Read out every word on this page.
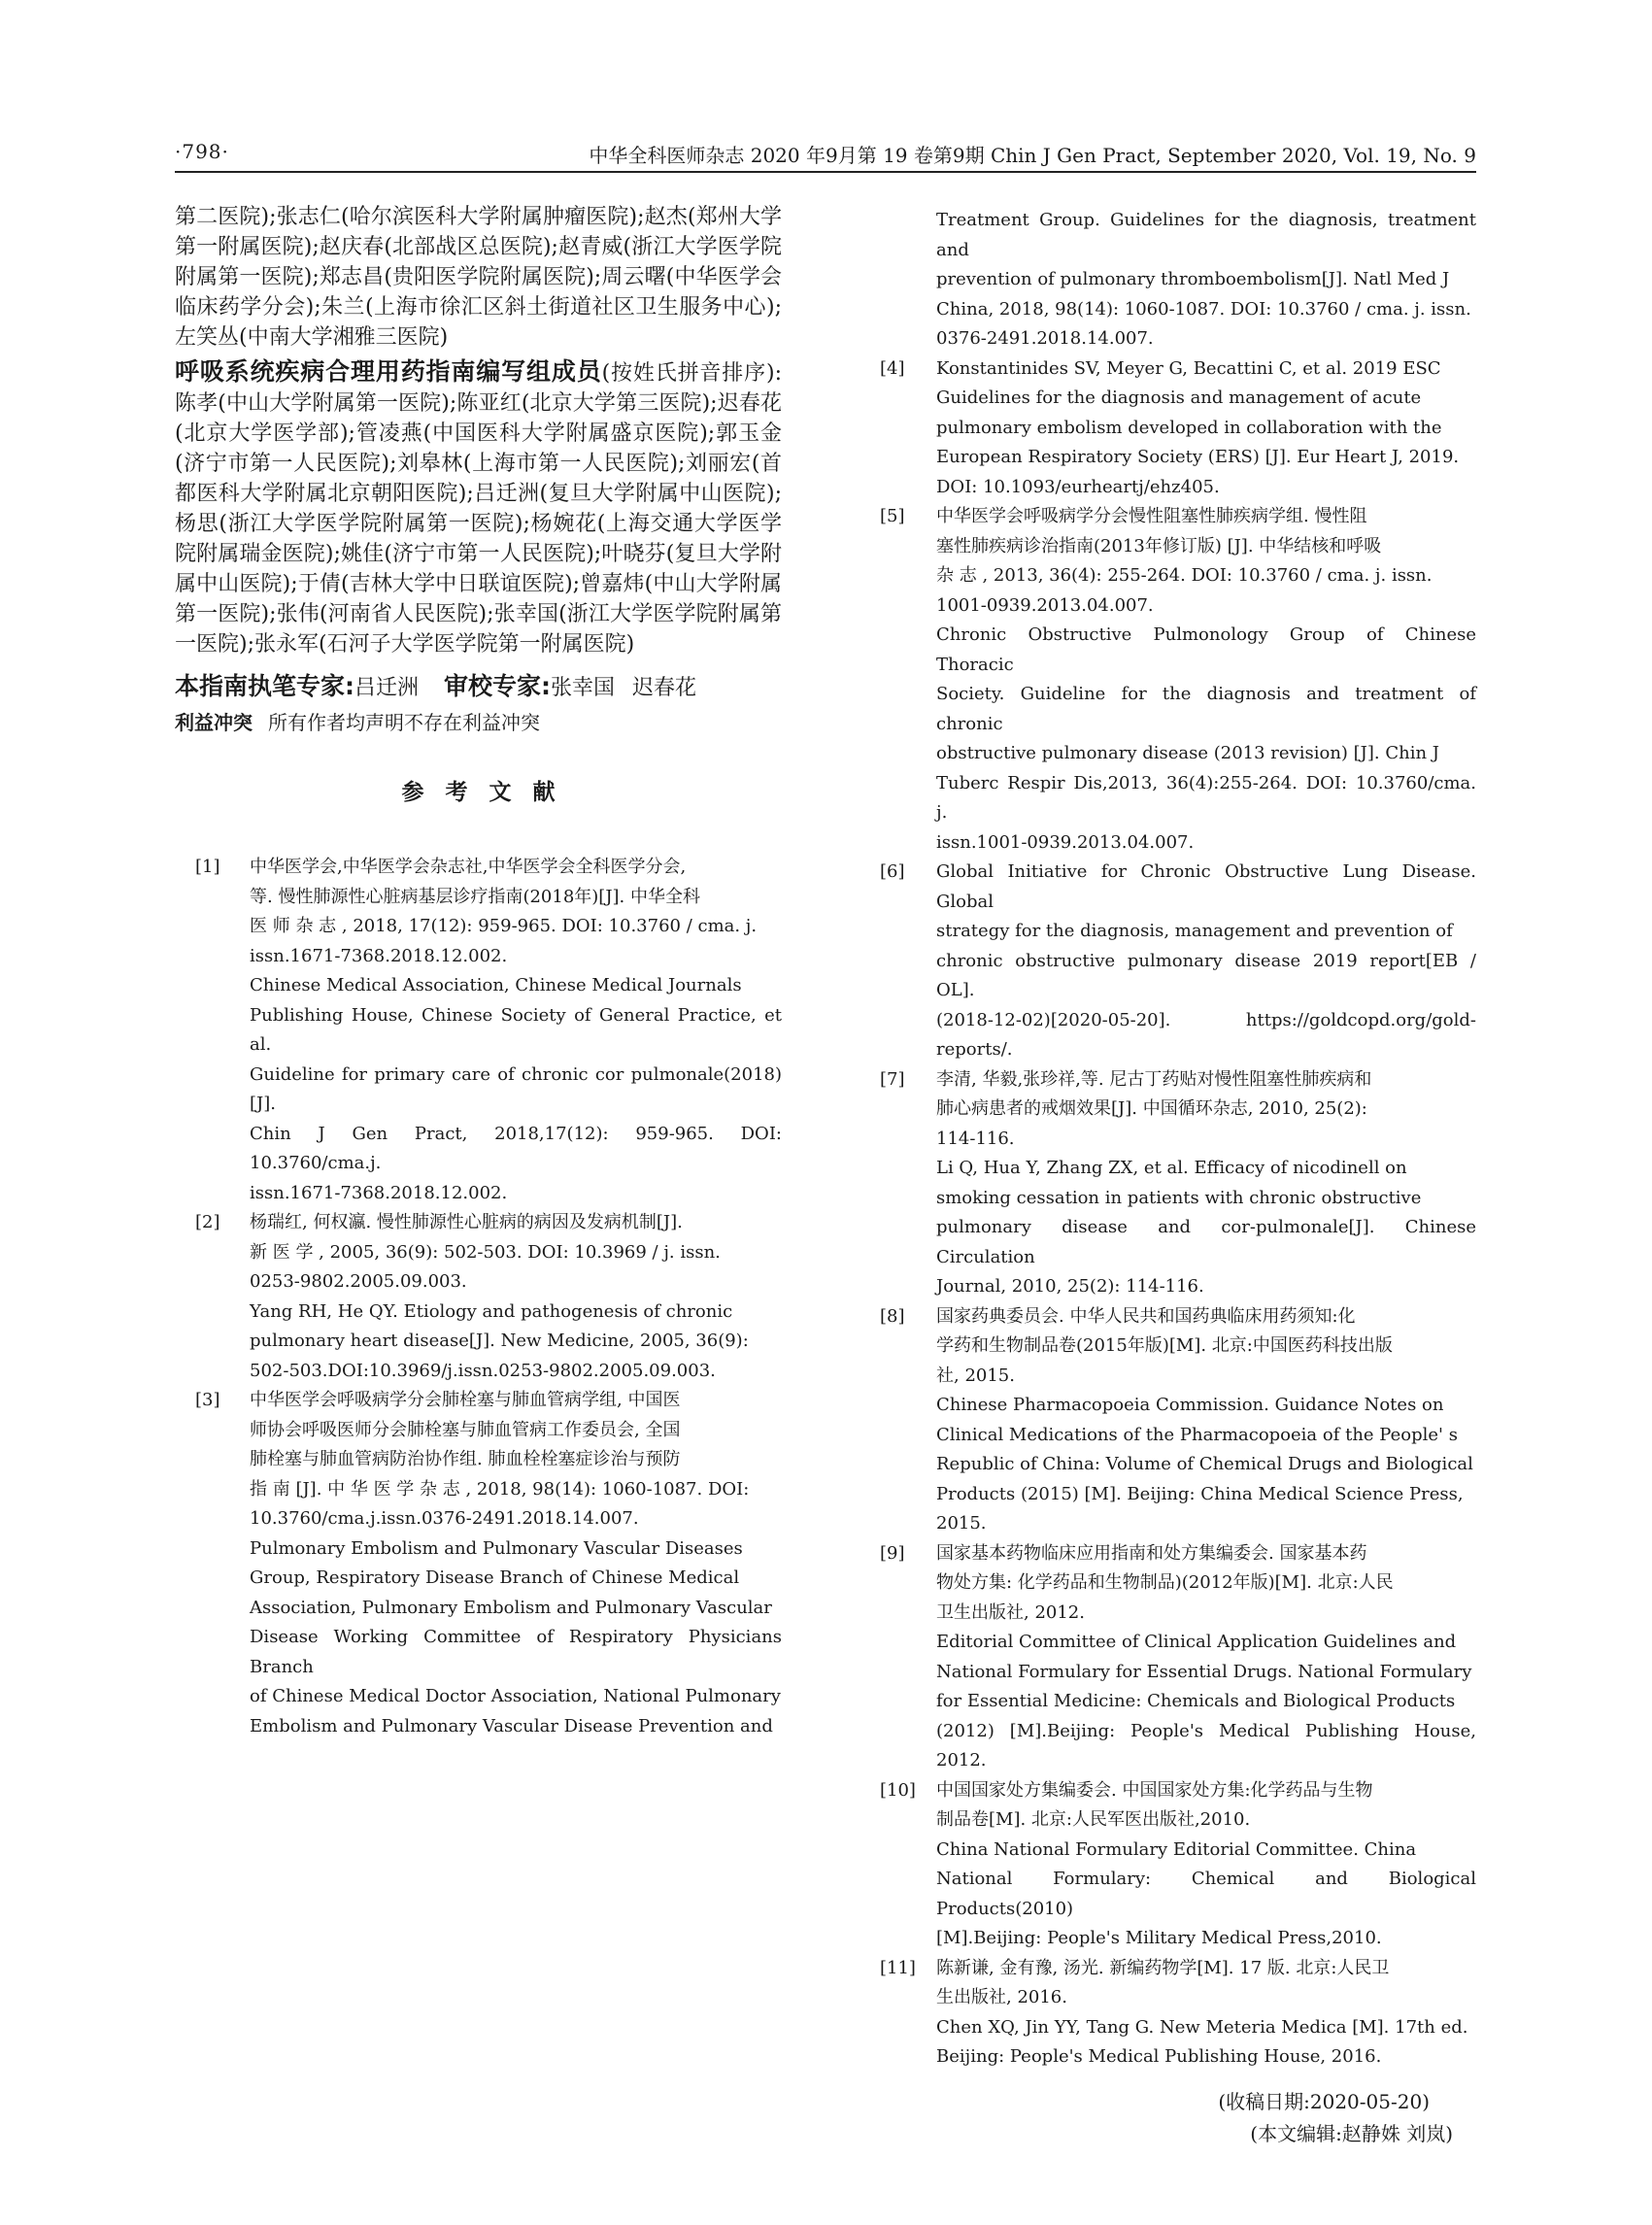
·798·	中华全科医师杂志 2020 年9月第 19 卷第9期 Chin J Gen Pract, September 2020, Vol. 19, No. 9

第二医院);张志仁(哈尔滨医科大学附属肿瘤医院);赵杰(郑州大学第一附属医院);赵庆春(北部战区总医院);赵青威(浙江大学医学院附属第一医院);郑志昌(贵阳医学院附属医院);周云曙(中华医学会临床药学分会);朱兰(上海市徐汇区斜土街道社区卫生服务中心);左笑丛(中南大学湘雅三医院)

呼吸系统疾病合理用药指南编写组成员(按姓氏拼音排序):陈孝(中山大学附属第一医院);陈亚红(北京大学第三医院);迟春花(北京大学医学部);管凌燕(中国医科大学附属盛京医院);郭玉金(济宁市第一人民医院);刘皋林(上海市第一人民医院);刘丽宏(首都医科大学附属北京朝阳医院);吕迁洲(复旦大学附属中山医院);杨思(浙江大学医学院附属第一医院);杨婉花(上海交通大学医学院附属瑞金医院);姚佳(济宁市第一人民医院);叶晓芬(复旦大学附属中山医院);于倩(吉林大学中日联谊医院);曾嘉炜(中山大学附属第一医院);张伟(河南省人民医院);张幸国(浙江大学医学院附属第一医院);张永军(石河子大学医学院第一附属医院)

本指南执笔专家:吕迁洲 审校专家:张幸国 迟春花
利益冲突 所有作者均声明不存在利益冲突
参考文献

[1] 中华医学会,中华医学会杂志社,中华医学会全科医学分会,
等. 慢性肺源性心脏病基层诊疗指南(2018年)[J]. 中华全科
医 师 杂 志 , 2018, 17(12): 959-965. DOI: 10.3760 / cma. j.
issn.1671-7368.2018.12.002.
Chinese Medical Association, Chinese Medical Journals
Publishing House, Chinese Society of General Practice, et al.
Guideline for primary care of chronic cor pulmonale(2018)[J].
Chin J Gen Pract, 2018,17(12): 959-965. DOI: 10.3760/cma.j.
issn.1671-7368.2018.12.002.

[2] 杨瑞红, 何权瀛. 慢性肺源性心脏病的病因及发病机制[J].
新 医 学 , 2005, 36(9): 502-503. DOI: 10.3969 / j. issn.
0253-9802.2005.09.003.
Yang RH, He QY. Etiology and pathogenesis of chronic
pulmonary heart disease[J]. New Medicine, 2005, 36(9):
502-503.DOI:10.3969/j.issn.0253-9802.2005.09.003.

[3] 中华医学会呼吸病学分会肺栓塞与肺血管病学组, 中国医
师协会呼吸医师分会肺栓塞与肺血管病工作委员会, 全国
肺栓塞与肺血管病防治协作组. 肺血栓栓塞症诊治与预防
指 南 [J]. 中 华 医 学 杂 志 , 2018, 98(14): 1060-1087. DOI:
10.3760/cma.j.issn.0376-2491.2018.14.007.
Pulmonary Embolism and Pulmonary Vascular Diseases
Group, Respiratory Disease Branch of Chinese Medical
Association, Pulmonary Embolism and Pulmonary Vascular
Disease Working Committee of Respiratory Physicians Branch
of Chinese Medical Doctor Association, National Pulmonary
Embolism and Pulmonary Vascular Disease Prevention and

Treatment Group. Guidelines for the diagnosis, treatment and
prevention of pulmonary thromboembolism[J]. Natl Med J
China, 2018, 98(14): 1060-1087. DOI: 10.3760 / cma. j. issn.
0376-2491.2018.14.007.

[4] Konstantinides SV, Meyer G, Becattini C, et al. 2019 ESC
Guidelines for the diagnosis and management of acute
pulmonary embolism developed in collaboration with the
European Respiratory Society (ERS) [J]. Eur Heart J, 2019.
DOI: 10.1093/eurheartj/ehz405.

[5] 中华医学会呼吸病学分会慢性阻塞性肺疾病学组. 慢性阻
塞性肺疾病诊治指南(2013年修订版) [J]. 中华结核和呼吸
杂 志 , 2013, 36(4): 255-264. DOI: 10.3760 / cma. j. issn.
1001-0939.2013.04.007.
Chronic Obstructive Pulmonology Group of Chinese Thoracic
Society. Guideline for the diagnosis and treatment of chronic
obstructive pulmonary disease (2013 revision) [J]. Chin J
Tuberc Respir Dis,2013, 36(4):255-264. DOI: 10.3760/cma. j.
issn.1001-0939.2013.04.007.

[6] Global Initiative for Chronic Obstructive Lung Disease. Global
strategy for the diagnosis, management and prevention of
chronic obstructive pulmonary disease 2019 report[EB / OL].
(2018-12-02)[2020-05-20]. https://goldcopd.org/gold-reports/.

[7] 李清, 华毅,张珍祥,等. 尼古丁药贴对慢性阻塞性肺疾病和
肺心病患者的戒烟效果[J]. 中国循环杂志, 2010, 25(2):
114-116.
Li Q, Hua Y, Zhang ZX, et al. Efficacy of nicodinell on
smoking cessation in patients with chronic obstructive
pulmonary disease and cor-pulmonale[J]. Chinese Circulation
Journal, 2010, 25(2): 114-116.

[8] 国家药典委员会. 中华人民共和国药典临床用药须知:化
学药和生物制品卷(2015年版)[M]. 北京:中国医药科技出版
社, 2015.
Chinese Pharmacopoeia Commission. Guidance Notes on
Clinical Medications of the Pharmacopoeia of the People' s
Republic of China: Volume of Chemical Drugs and Biological
Products (2015) [M]. Beijing: China Medical Science Press,
2015.

[9] 国家基本药物临床应用指南和处方集编委会. 国家基本药
物处方集: 化学药品和生物制品)(2012年版)[M]. 北京:人民
卫生出版社, 2012.
Editorial Committee of Clinical Application Guidelines and
National Formulary for Essential Drugs. National Formulary
for Essential Medicine: Chemicals and Biological Products
(2012) [M].Beijing: People's Medical Publishing House, 2012.

[10] 中国国家处方集编委会. 中国国家处方集:化学药品与生物
制品卷[M]. 北京:人民军医出版社,2010.
China National Formulary Editorial Committee. China
National Formulary: Chemical and Biological Products(2010)
[M].Beijing: People's Military Medical Press,2010.

[11] 陈新谦, 金有豫, 汤光. 新编药物学[M]. 17 版. 北京:人民卫
生出版社, 2016.
Chen XQ, Jin YY, Tang G. New Meteria Medica [M]. 17th ed.
Beijing: People's Medical Publishing House, 2016.

(收稿日期:2020-05-20)
(本文编辑:赵静姝 刘岚)
